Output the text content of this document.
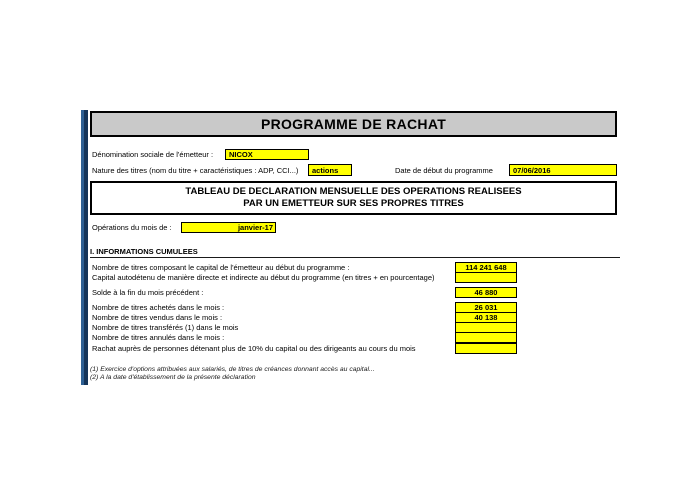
PROGRAMME DE RACHAT
Dénomination sociale de l'émetteur :	NICOX
Nature des titres (nom du titre + caractéristiques : ADP, CCI...)	actions	Date de début du programme	07/06/2016
TABLEAU DE DECLARATION MENSUELLE DES OPERATIONS REALISEES
PAR UN EMETTEUR SUR SES PROPRES TITRES
Opérations du mois de :	janvier-17
I. INFORMATIONS CUMULEES
Nombre de titres composant le capital de l'émetteur au début du programme :	114 241 648
Capital autodétenu de manière directe et indirecte au début du programme (en titres + en pourcentage)
Solde à la fin du mois précédent :	46 880
Nombre de titres achetés dans le mois :	26 031
Nombre de titres vendus dans le mois :	40 138
Nombre de titres transférés (1) dans le mois
Nombre de titres annulés dans le mois :
Rachat auprès de personnes détenant plus de 10% du capital ou des dirigeants au cours du mois
(1) Exercice d'options attribuées aux salariés, de titres de créances donnant accès au capital...
(2) A la date d'établissement de la présente déclaration
